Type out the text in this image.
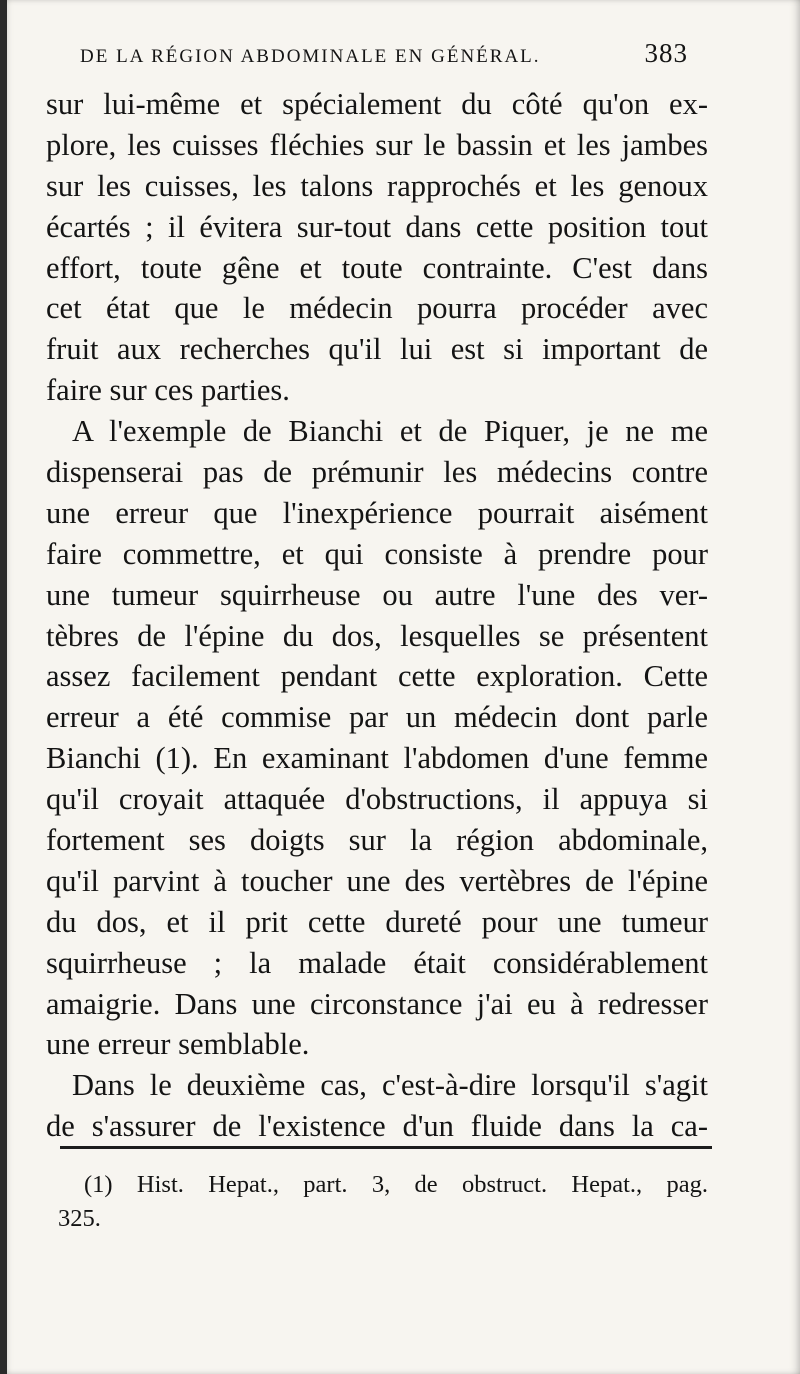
DE LA RÉGION ABDOMINALE EN GÉNÉRAL.	383
sur lui-même et spécialement du côté qu'on ex-
plore, les cuisses fléchies sur le bassin et les jambes
sur les cuisses, les talons rapprochés et les genoux
écartés ; il évitera sur-tout dans cette position tout
effort, toute gêne et toute contrainte. C'est dans
cet état que le médecin pourra procéder avec
fruit aux recherches qu'il lui est si important de
faire sur ces parties.
A l'exemple de Bianchi et de Piquer, je ne me
dispenserai pas de prémunir les médecins contre
une erreur que l'inexpérience pourrait aisément
faire commettre, et qui consiste à prendre pour
une tumeur squirrheuse ou autre l'une des ver-
tèbres de l'épine du dos, lesquelles se présentent
assez facilement pendant cette exploration. Cette
erreur a été commise par un médecin dont parle
Bianchi (1). En examinant l'abdomen d'une femme
qu'il croyait attaquée d'obstructions, il appuya si
fortement ses doigts sur la région abdominale,
qu'il parvint à toucher une des vertèbres de l'épine
du dos, et il prit cette dureté pour une tumeur
squirrheuse ; la malade était considérablement
amaigrie. Dans une circonstance j'ai eu à redresser
une erreur semblable.
Dans le deuxième cas, c'est-à-dire lorsqu'il s'agit
de s'assurer de l'existence d'un fluide dans la ca-
(1) Hist. Hepat., part. 3, de obstruct. Hepat., pag.
325.
